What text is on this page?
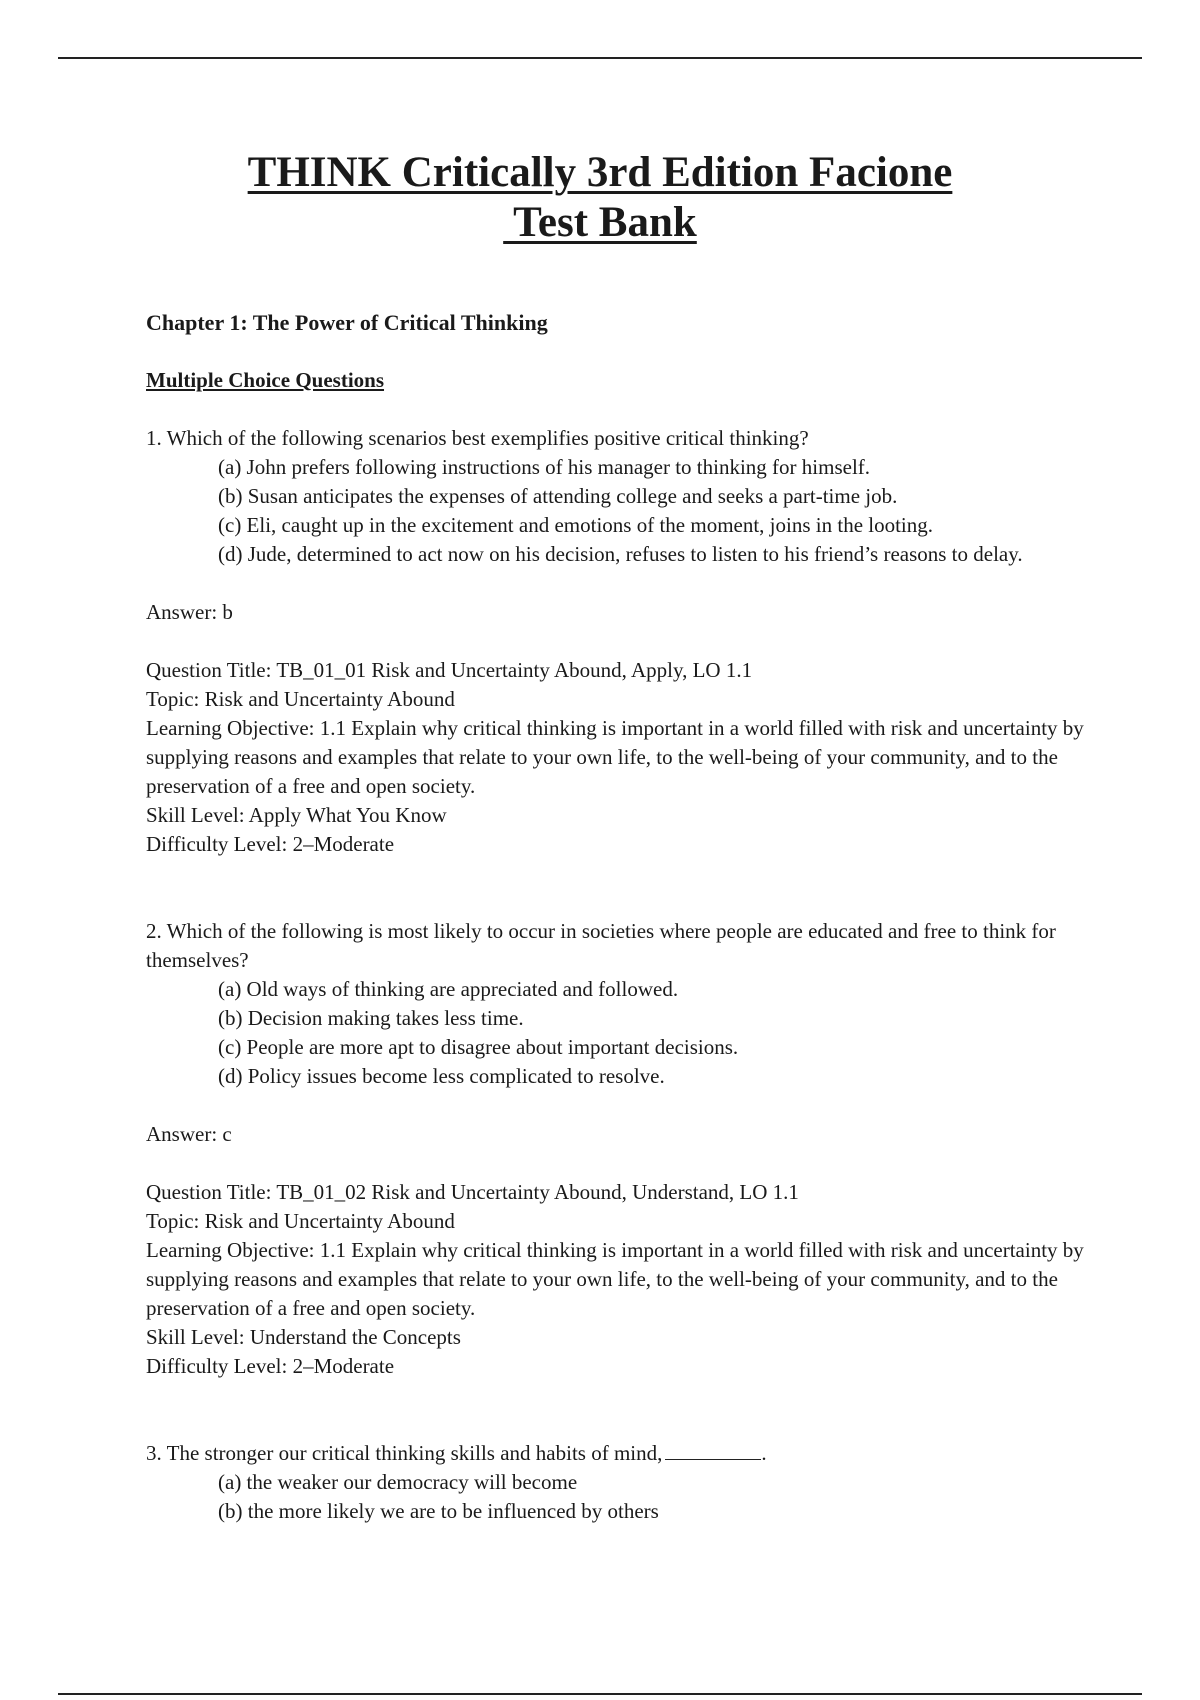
THINK Critically 3rd Edition Facione
Test Bank

Chapter 1: The Power of Critical Thinking

Multiple Choice Questions

1. Which of the following scenarios best exemplifies positive critical thinking?

(a) John prefers following instructions of his manager to thinking for himself.
(b) Susan anticipates the expenses of attending college and seeks a part-time job.
(c) Eli, caught up in the excitement and emotions of the moment, joins in the looting.
(d) Jude, determined to act now on his decision, refuses to listen to his friend’s reasons to delay.

Answer: b

Question Title: TB_01_01 Risk and Uncertainty Abound, Apply, LO 1.1

Topic: Risk and Uncertainty Abound

Learning Objective: 1.1 Explain why critical thinking is important in a world filled with risk and uncertainty by supplying reasons and examples that relate to your own life, to the well-being of your community, and to the preservation of a free and open society.

Skill Level: Apply What You Know

Difficulty Level: 2–Moderate

2. Which of the following is most likely to occur in societies where people are educated and free to think for themselves?

(a) Old ways of thinking are appreciated and followed.
(b) Decision making takes less time.
(c) People are more apt to disagree about important decisions.
(d) Policy issues become less complicated to resolve.

Answer: c

Question Title: TB_01_02 Risk and Uncertainty Abound, Understand, LO 1.1

Topic: Risk and Uncertainty Abound

Learning Objective: 1.1 Explain why critical thinking is important in a world filled with risk and uncertainty by supplying reasons and examples that relate to your own life, to the well-being of your community, and to the preservation of a free and open society.

Skill Level: Understand the Concepts

Difficulty Level: 2–Moderate

3. The stronger our critical thinking skills and habits of mind,	.

(a) the weaker our democracy will become
(b) the more likely we are to be influenced by others
